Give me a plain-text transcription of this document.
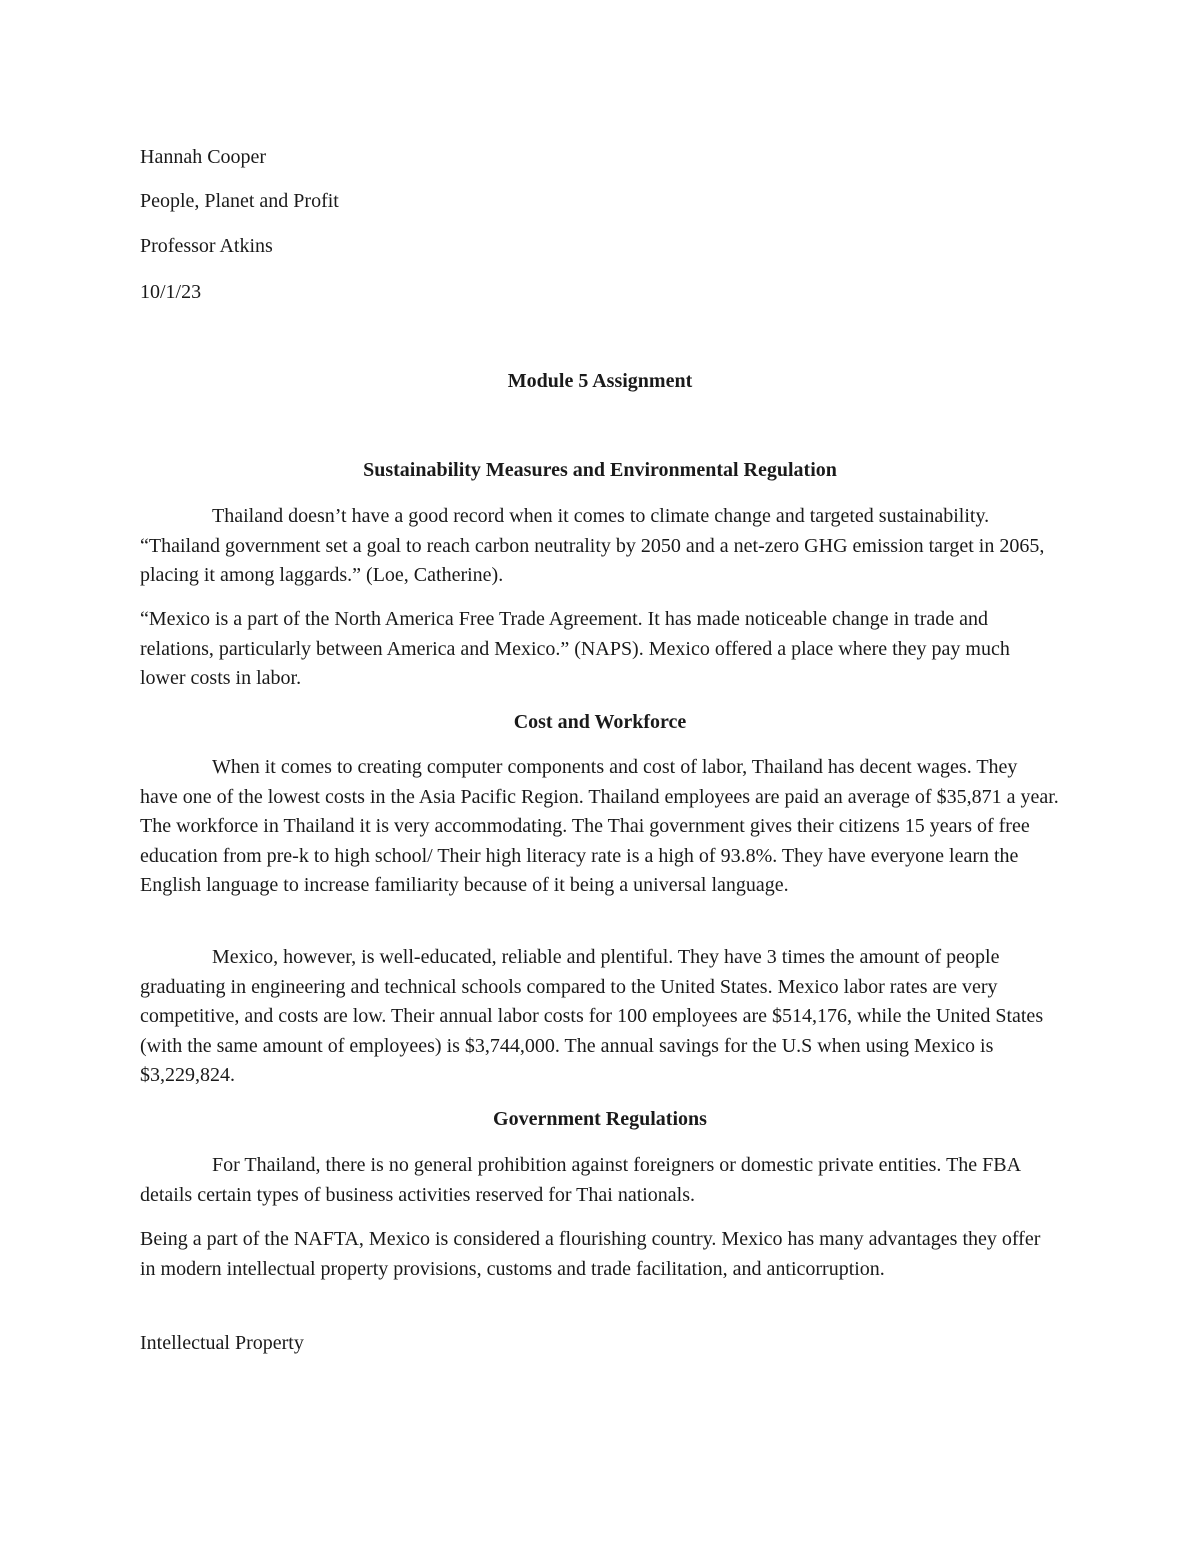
Hannah Cooper
People, Planet and Profit
Professor Atkins
10/1/23
Module 5 Assignment
Sustainability Measures and Environmental Regulation

Thailand doesn’t have a good record when it comes to climate change and targeted sustainability. “Thailand government set a goal to reach carbon neutrality by 2050 and a net-zero GHG emission target in 2065, placing it among laggards.” (Loe, Catherine).

“Mexico is a part of the North America Free Trade Agreement. It has made noticeable change in trade and relations, particularly between America and Mexico.” (NAPS). Mexico offered a place where they pay much lower costs in labor.

Cost and Workforce

When it comes to creating computer components and cost of labor, Thailand has decent wages. They have one of the lowest costs in the Asia Pacific Region. Thailand employees are paid an average of $35,871 a year. The workforce in Thailand it is very accommodating. The Thai government gives their citizens 15 years of free education from pre-k to high school/ Their high literacy rate is a high of 93.8%. They have everyone learn the English language to increase familiarity because of it being a universal language.

Mexico, however, is well-educated, reliable and plentiful. They have 3 times the amount of people graduating in engineering and technical schools compared to the United States. Mexico labor rates are very competitive, and costs are low. Their annual labor costs for 100 employees are $514,176, while the United States (with the same amount of employees) is $3,744,000. The annual savings for the U.S when using Mexico is $3,229,824.

Government Regulations

For Thailand, there is no general prohibition against foreigners or domestic private entities. The FBA details certain types of business activities reserved for Thai nationals.

Being a part of the NAFTA, Mexico is considered a flourishing country. Mexico has many advantages they offer in modern intellectual property provisions, customs and trade facilitation, and anticorruption.

Intellectual Property
